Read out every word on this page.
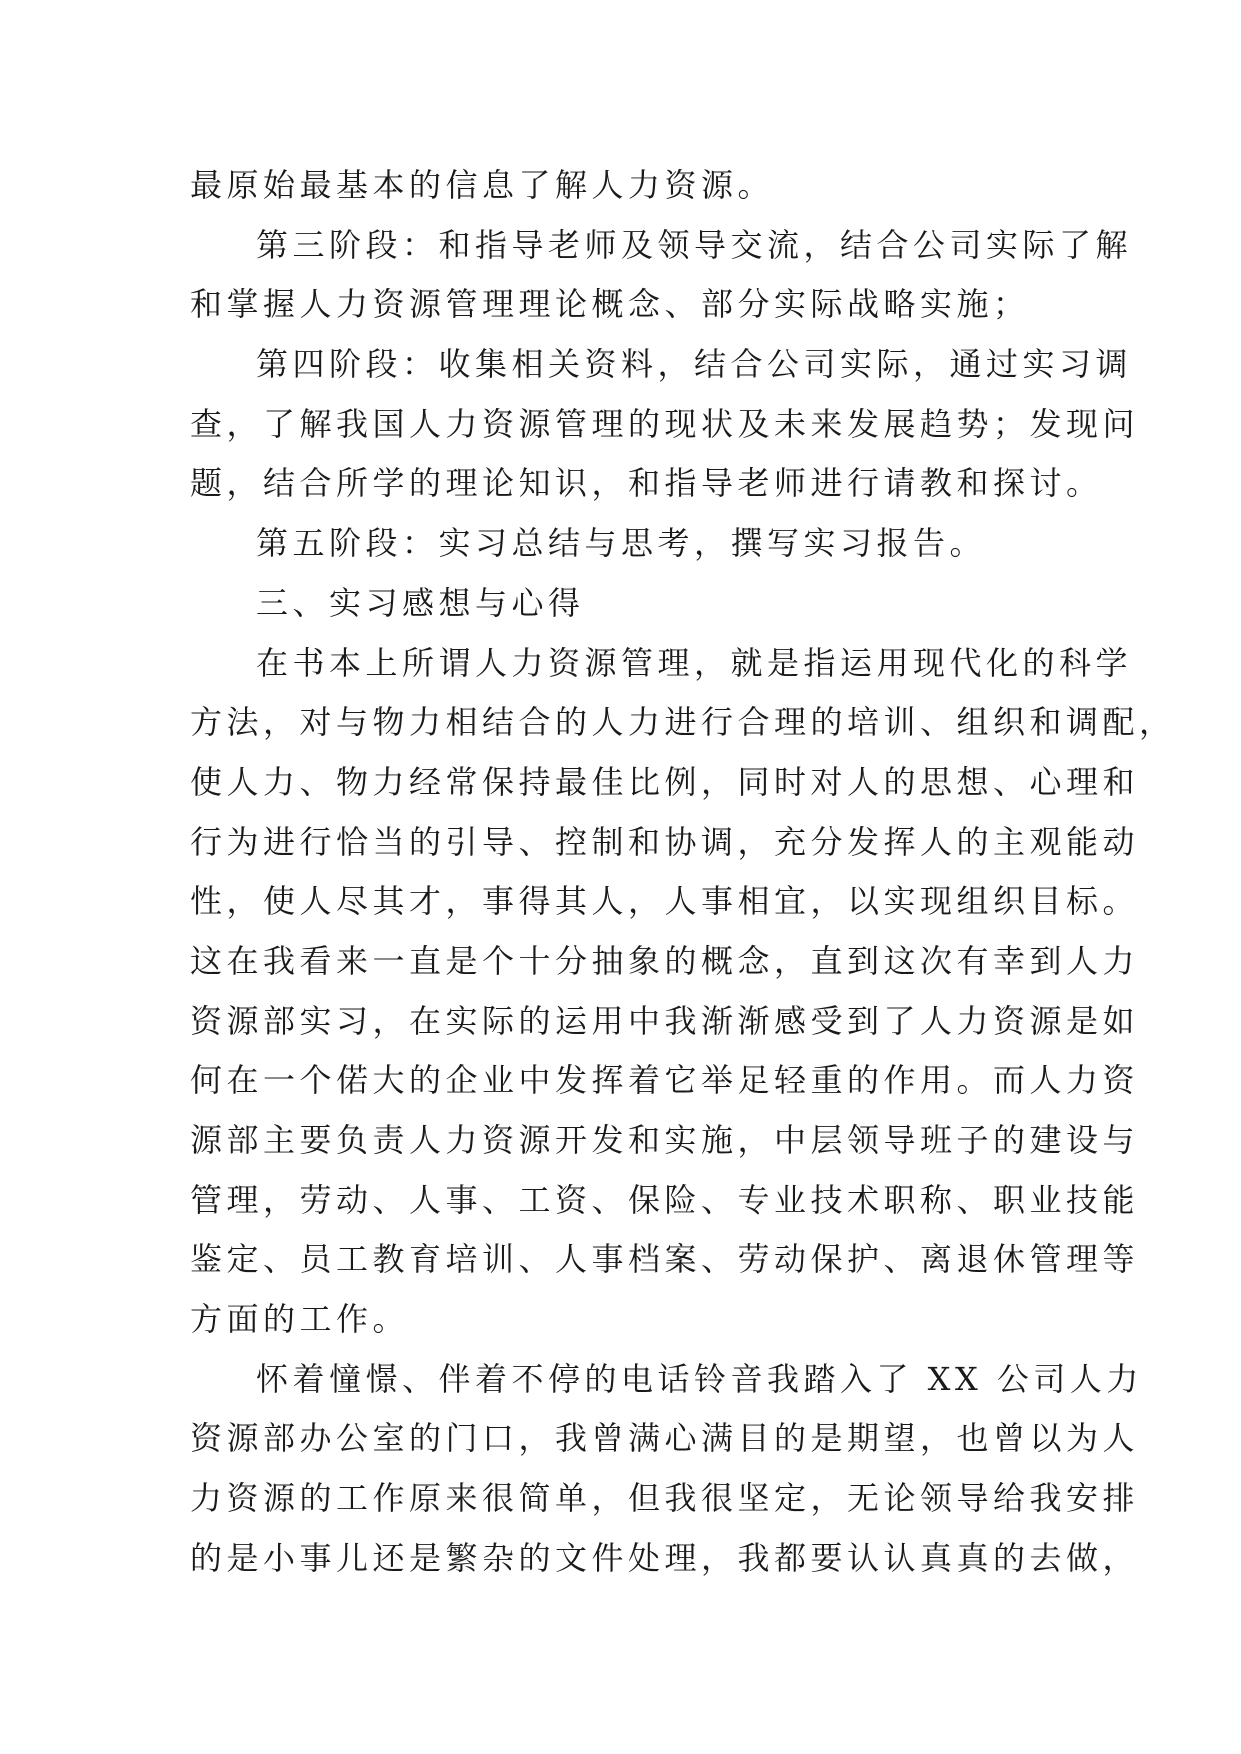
最原始最基本的信息了解人力资源。
第三阶段：和指导老师及领导交流，结合公司实际了解
和掌握人力资源管理理论概念、部分实际战略实施；
第四阶段：收集相关资料，结合公司实际，通过实习调
查，了解我国人力资源管理的现状及未来发展趋势；发现问
题，结合所学的理论知识，和指导老师进行请教和探讨。
第五阶段：实习总结与思考，撰写实习报告。
三、实习感想与心得
在书本上所谓人力资源管理，就是指运用现代化的科学
方法，对与物力相结合的人力进行合理的培训、组织和调配，
使人力、物力经常保持最佳比例，同时对人的思想、心理和
行为进行恰当的引导、控制和协调，充分发挥人的主观能动
性，使人尽其才，事得其人，人事相宜，以实现组织目标。
这在我看来一直是个十分抽象的概念，直到这次有幸到人力
资源部实习，在实际的运用中我渐渐感受到了人力资源是如
何在一个偌大的企业中发挥着它举足轻重的作用。而人力资
源部主要负责人力资源开发和实施，中层领导班子的建设与
管理，劳动、人事、工资、保险、专业技术职称、职业技能
鉴定、员工教育培训、人事档案、劳动保护、离退休管理等
方面的工作。
怀着憧憬、伴着不停的电话铃音我踏入了 XX 公司人力
资源部办公室的门口，我曾满心满目的是期望，也曾以为人
力资源的工作原来很简单，但我很坚定，无论领导给我安排
的是小事儿还是繁杂的文件处理，我都要认认真真的去做，
